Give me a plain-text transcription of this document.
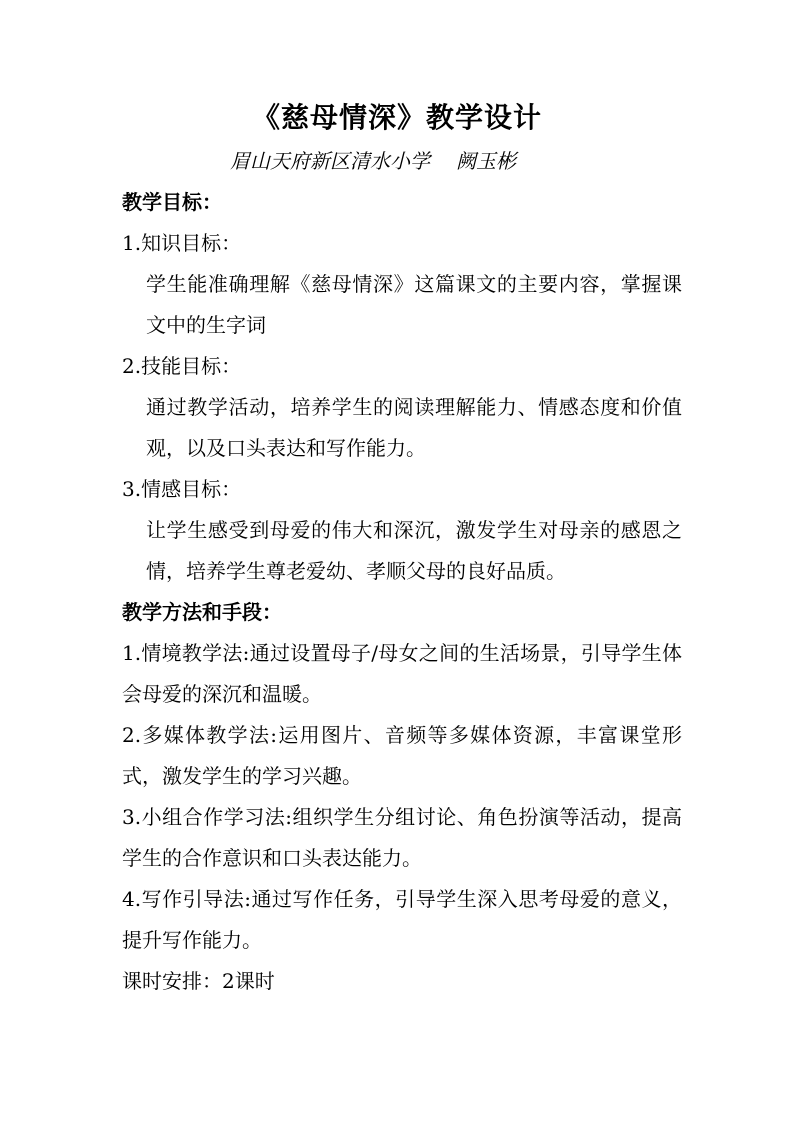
《慈母情深》教学设计
眉山天府新区清水小学 阙玉彬
教学目标：
1.知识目标：
学生能准确理解《慈母情深》这篇课文的主要内容，掌握课文中的生字词
2.技能目标：
通过教学活动，培养学生的阅读理解能力、情感态度和价值观，以及口头表达和写作能力。
3.情感目标：
让学生感受到母爱的伟大和深沉，激发学生对母亲的感恩之情，培养学生尊老爱幼、孝顺父母的良好品质。
教学方法和手段：
1.情境教学法:通过设置母子/母女之间的生活场景，引导学生体会母爱的深沉和温暖。
2.多媒体教学法:运用图片、音频等多媒体资源，丰富课堂形式，激发学生的学习兴趣。
3.小组合作学习法:组织学生分组讨论、角色扮演等活动，提高学生的合作意识和口头表达能力。
4.写作引导法:通过写作任务，引导学生深入思考母爱的意义，提升写作能力。
课时安排：2课时
